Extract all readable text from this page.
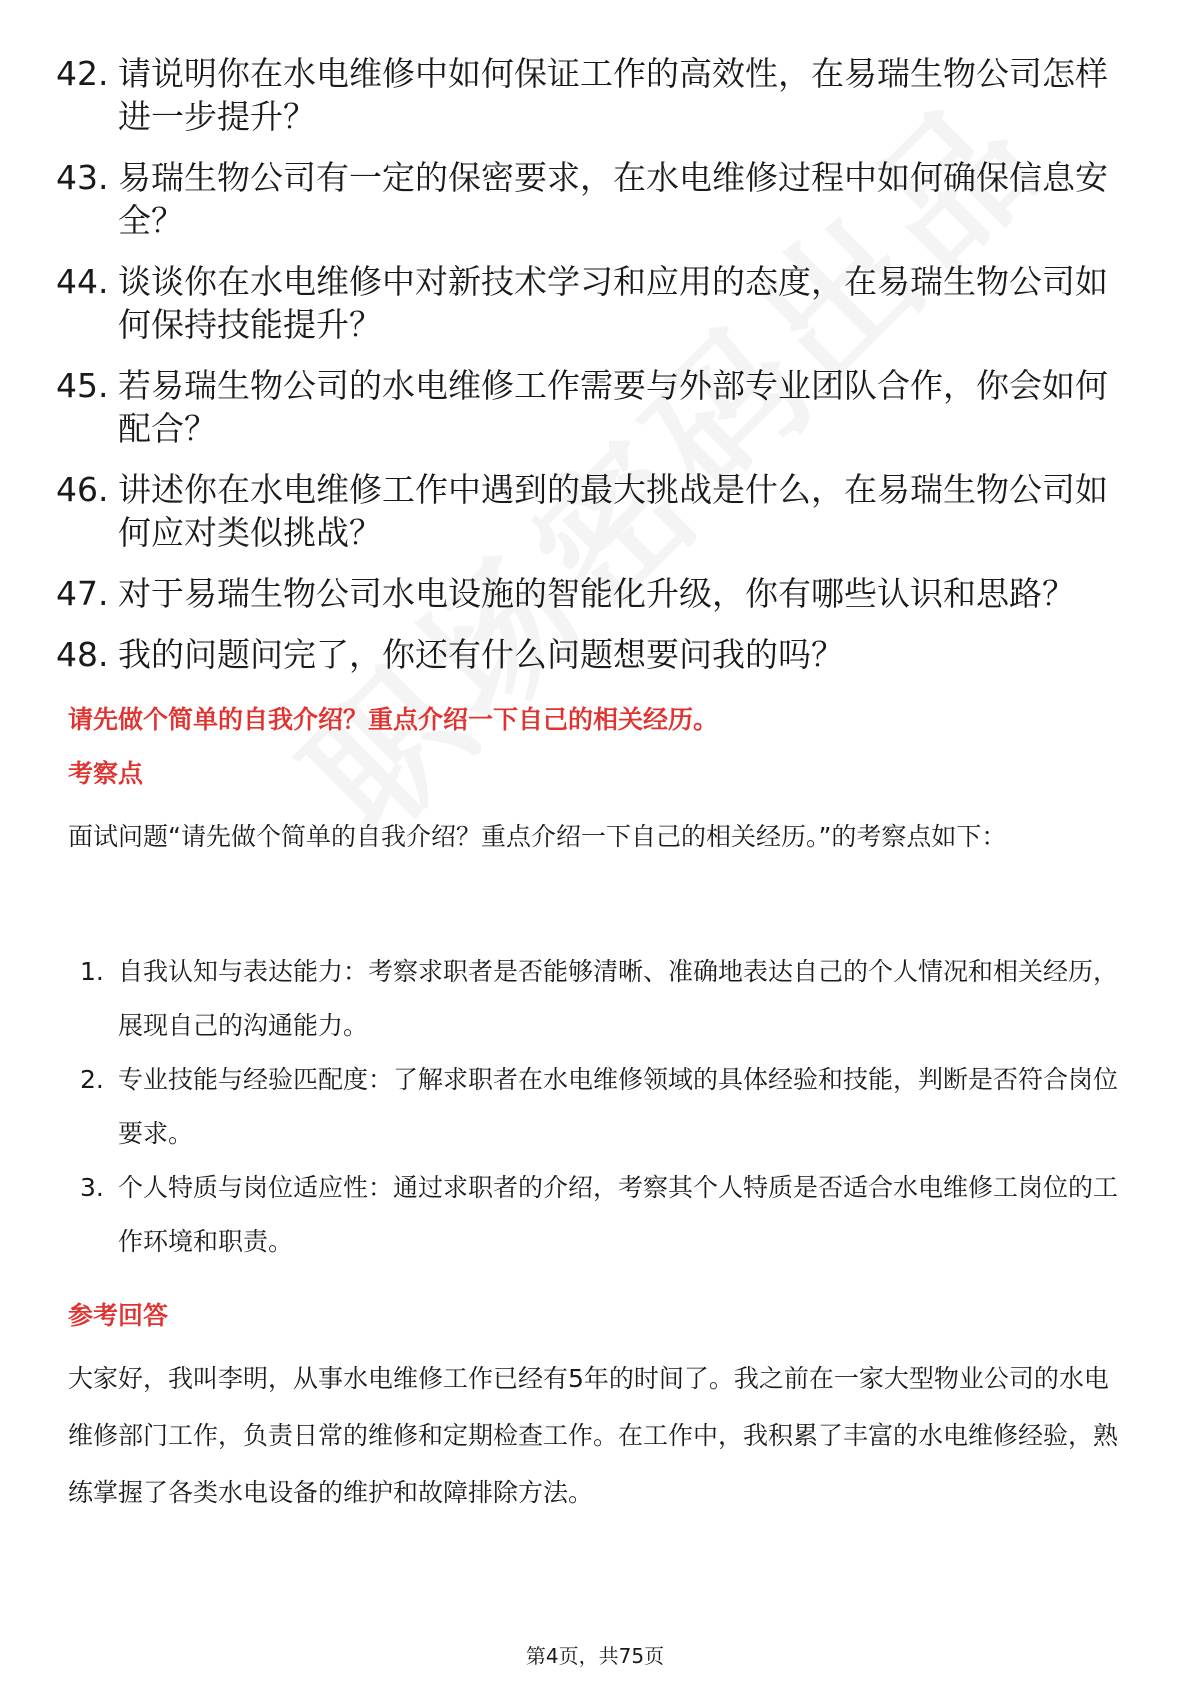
42. 请说明你在水电维修中如何保证工作的高效性，在易瑞生物公司怎样进一步提升？
43. 易瑞生物公司有一定的保密要求，在水电维修过程中如何确保信息安全？
44. 谈谈你在水电维修中对新技术学习和应用的态度，在易瑞生物公司如何保持技能提升？
45. 若易瑞生物公司的水电维修工作需要与外部专业团队合作，你会如何配合？
46. 讲述你在水电维修工作中遇到的最大挑战是什么，在易瑞生物公司如何应对类似挑战？
47. 对于易瑞生物公司水电设施的智能化升级，你有哪些认识和思路？
48. 我的问题问完了，你还有什么问题想要问我的吗？
请先做个简单的自我介绍？重点介绍一下自己的相关经历。
考察点

面试问题“请先做个简单的自我介绍？重点介绍一下自己的相关经历。”的考察点如下：

1. 自我认知与表达能力：考察求职者是否能够清晰、准确地表达自己的个人情况和相关经历，展现自己的沟通能力。
2. 专业技能与经验匹配度：了解求职者在水电维修领域的具体经验和技能，判断是否符合岗位要求。
3. 个人特质与岗位适应性：通过求职者的介绍，考察其个人特质是否适合水电维修工岗位的工作环境和职责。
参考回答

大家好，我叫李明，从事水电维修工作已经有5年的时间了。我之前在一家大型物业公司的水电维修部门工作，负责日常的维修和定期检查工作。在工作中，我积累了丰富的水电维修经验，熟练掌握了各类水电设备的维护和故障排除方法。

第4页，共75页
